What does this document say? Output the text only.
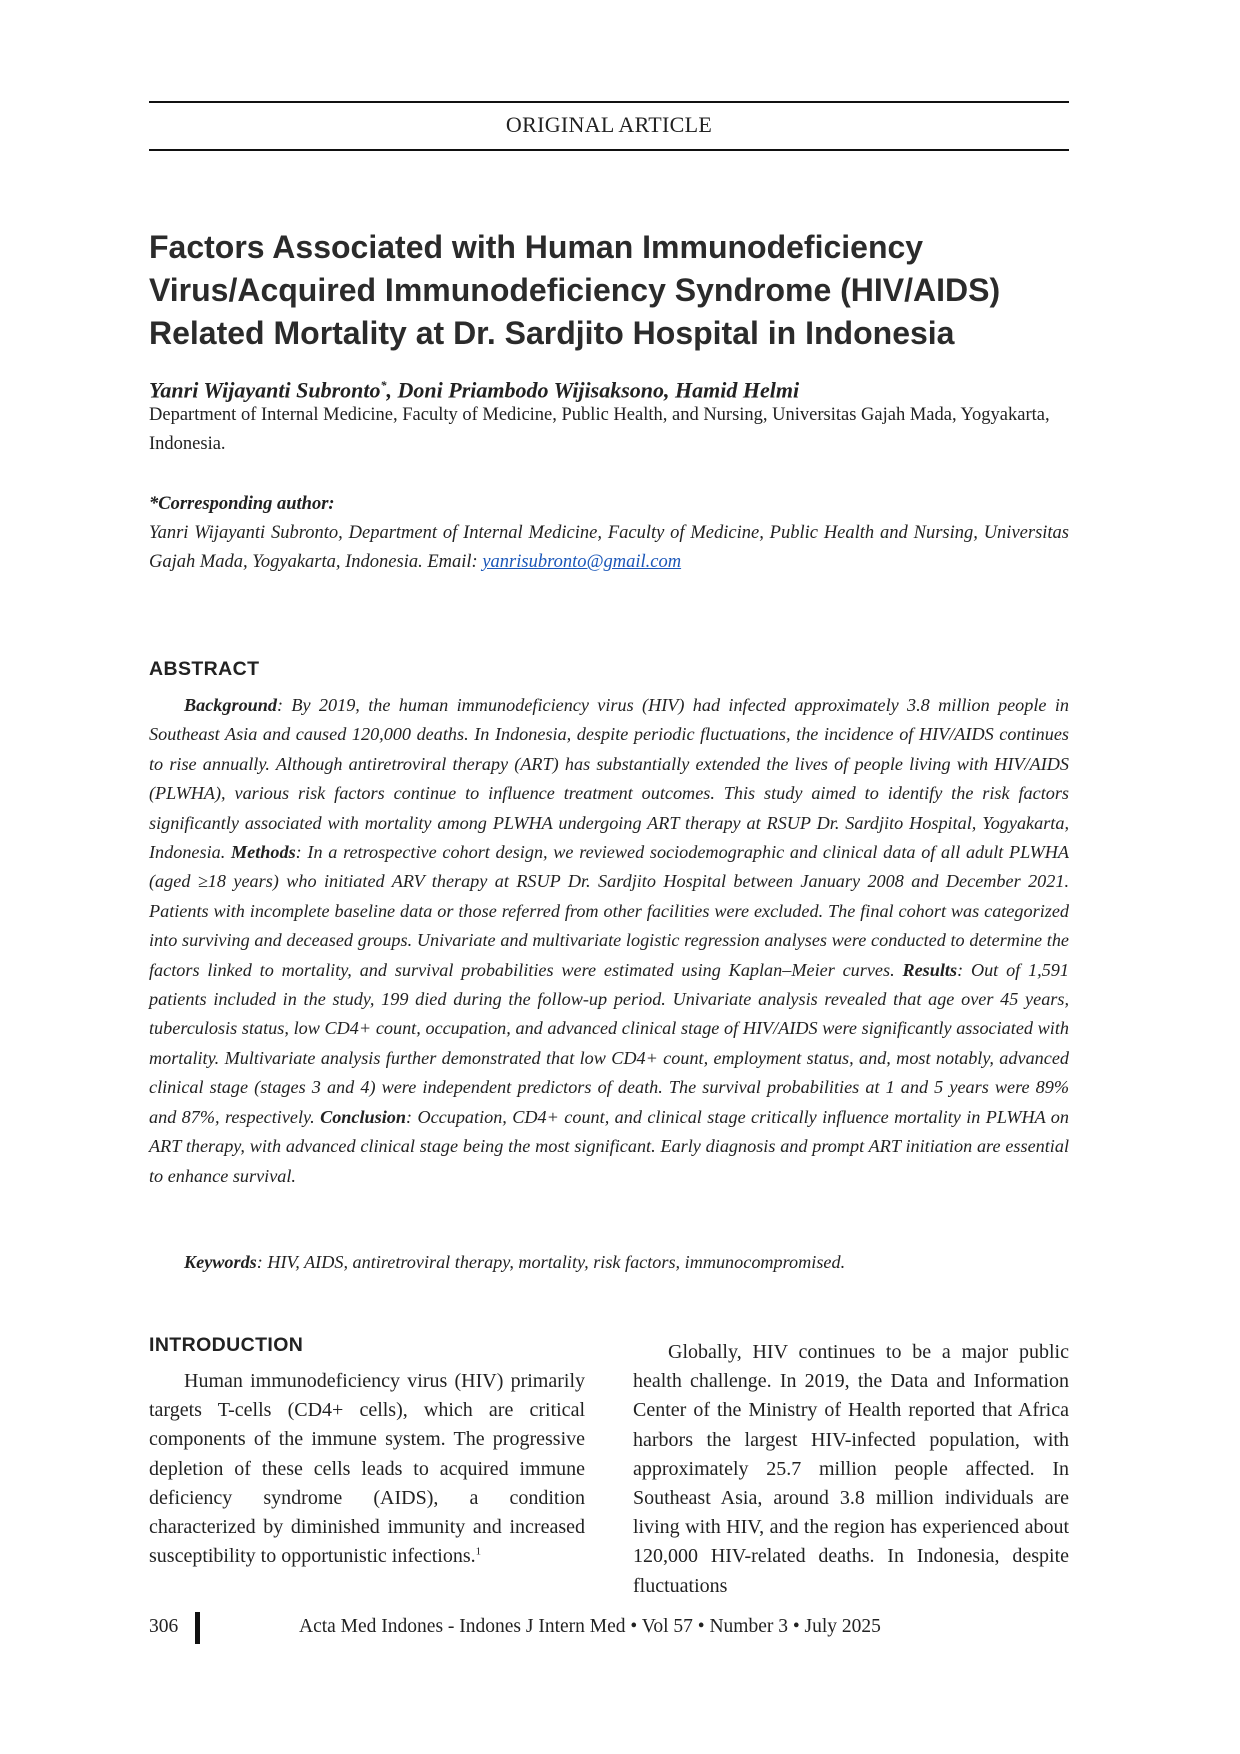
ORIGINAL ARTICLE
Factors Associated with Human Immunodeficiency
Virus/Acquired Immunodeficiency Syndrome (HIV/AIDS)
Related Mortality at Dr. Sardjito Hospital in Indonesia
Yanri Wijayanti Subronto*, Doni Priambodo Wijisaksono, Hamid Helmi
Department of Internal Medicine, Faculty of Medicine, Public Health, and Nursing, Universitas Gajah Mada, Yogyakarta, Indonesia.
*Corresponding author:
Yanri Wijayanti Subronto, Department of Internal Medicine, Faculty of Medicine, Public Health and Nursing, Universitas Gajah Mada, Yogyakarta, Indonesia. Email: yanrisubronto@gmail.com
ABSTRACT

Background: By 2019, the human immunodeficiency virus (HIV) had infected approximately 3.8 million people in Southeast Asia and caused 120,000 deaths. In Indonesia, despite periodic fluctuations, the incidence of HIV/AIDS continues to rise annually. Although antiretroviral therapy (ART) has substantially extended the lives of people living with HIV/AIDS (PLWHA), various risk factors continue to influence treatment outcomes. This study aimed to identify the risk factors significantly associated with mortality among PLWHA undergoing ART therapy at RSUP Dr. Sardjito Hospital, Yogyakarta, Indonesia. Methods: In a retrospective cohort design, we reviewed sociodemographic and clinical data of all adult PLWHA (aged ≥18 years) who initiated ARV therapy at RSUP Dr. Sardjito Hospital between January 2008 and December 2021. Patients with incomplete baseline data or those referred from other facilities were excluded. The final cohort was categorized into surviving and deceased groups. Univariate and multivariate logistic regression analyses were conducted to determine the factors linked to mortality, and survival probabilities were estimated using Kaplan–Meier curves. Results: Out of 1,591 patients included in the study, 199 died during the follow-up period. Univariate analysis revealed that age over 45 years, tuberculosis status, low CD4+ count, occupation, and advanced clinical stage of HIV/AIDS were significantly associated with mortality. Multivariate analysis further demonstrated that low CD4+ count, employment status, and, most notably, advanced clinical stage (stages 3 and 4) were independent predictors of death. The survival probabilities at 1 and 5 years were 89% and 87%, respectively. Conclusion: Occupation, CD4+ count, and clinical stage critically influence mortality in PLWHA on ART therapy, with advanced clinical stage being the most significant. Early diagnosis and prompt ART initiation are essential to enhance survival.

Keywords: HIV, AIDS, antiretroviral therapy, mortality, risk factors, immunocompromised.
INTRODUCTION

Human immunodeficiency virus (HIV) primarily targets T-cells (CD4+ cells), which are critical components of the immune system. The progressive depletion of these cells leads to acquired immune deficiency syndrome (AIDS), a condition characterized by diminished immunity and increased susceptibility to opportunistic infections.$^1$

Globally, HIV continues to be a major public health challenge. In 2019, the Data and Information Center of the Ministry of Health reported that Africa harbors the largest HIV-infected population, with approximately 25.7 million people affected. In Southeast Asia, around 3.8 million individuals are living with HIV, and the region has experienced about 120,000 HIV-related deaths. In Indonesia, despite fluctuations

306	Acta Med Indones - Indones J Intern Med • Vol 57 • Number 3 • July 2025
